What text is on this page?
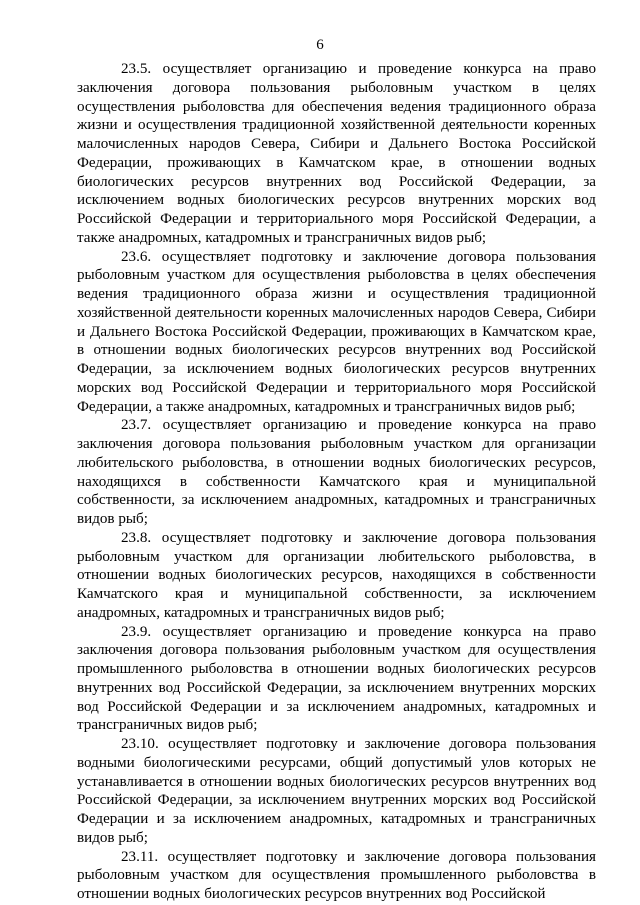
6

23.5. осуществляет организацию и проведение конкурса на право заключения договора пользования рыболовным участком в целях осуществления рыболовства для обеспечения ведения традиционного образа жизни и осуществления традиционной хозяйственной деятельности коренных малочисленных народов Севера, Сибири и Дальнего Востока Российской Федерации, проживающих в Камчатском крае, в отношении водных биологических ресурсов внутренних вод Российской Федерации, за исключением водных биологических ресурсов внутренних морских вод Российской Федерации и территориального моря Российской Федерации, а также анадромных, катадромных и трансграничных видов рыб;

23.6. осуществляет подготовку и заключение договора пользования рыболовным участком для осуществления рыболовства в целях обеспечения ведения традиционного образа жизни и осуществления традиционной хозяйственной деятельности коренных малочисленных народов Севера, Сибири и Дальнего Востока Российской Федерации, проживающих в Камчатском крае, в отношении водных биологических ресурсов внутренних вод Российской Федерации, за исключением водных биологических ресурсов внутренних морских вод Российской Федерации и территориального моря Российской Федерации, а также анадромных, катадромных и трансграничных видов рыб;

23.7. осуществляет организацию и проведение конкурса на право заключения договора пользования рыболовным участком для организации любительского рыболовства, в отношении водных биологических ресурсов, находящихся в собственности Камчатского края и муниципальной собственности, за исключением анадромных, катадромных и трансграничных видов рыб;

23.8. осуществляет подготовку и заключение договора пользования рыболовным участком для организации любительского рыболовства, в отношении водных биологических ресурсов, находящихся в собственности Камчатского края и муниципальной собственности, за исключением анадромных, катадромных и трансграничных видов рыб;

23.9. осуществляет организацию и проведение конкурса на право заключения договора пользования рыболовным участком для осуществления промышленного рыболовства в отношении водных биологических ресурсов внутренних вод Российской Федерации, за исключением внутренних морских вод Российской Федерации и за исключением анадромных, катадромных и трансграничных видов рыб;

23.10. осуществляет подготовку и заключение договора пользования водными биологическими ресурсами, общий допустимый улов которых не устанавливается в отношении водных биологических ресурсов внутренних вод Российской Федерации, за исключением внутренних морских вод Российской Федерации и за исключением анадромных, катадромных и трансграничных видов рыб;

23.11. осуществляет подготовку и заключение договора пользования рыболовным участком для осуществления промышленного рыболовства в отношении водных биологических ресурсов внутренних вод Российской
